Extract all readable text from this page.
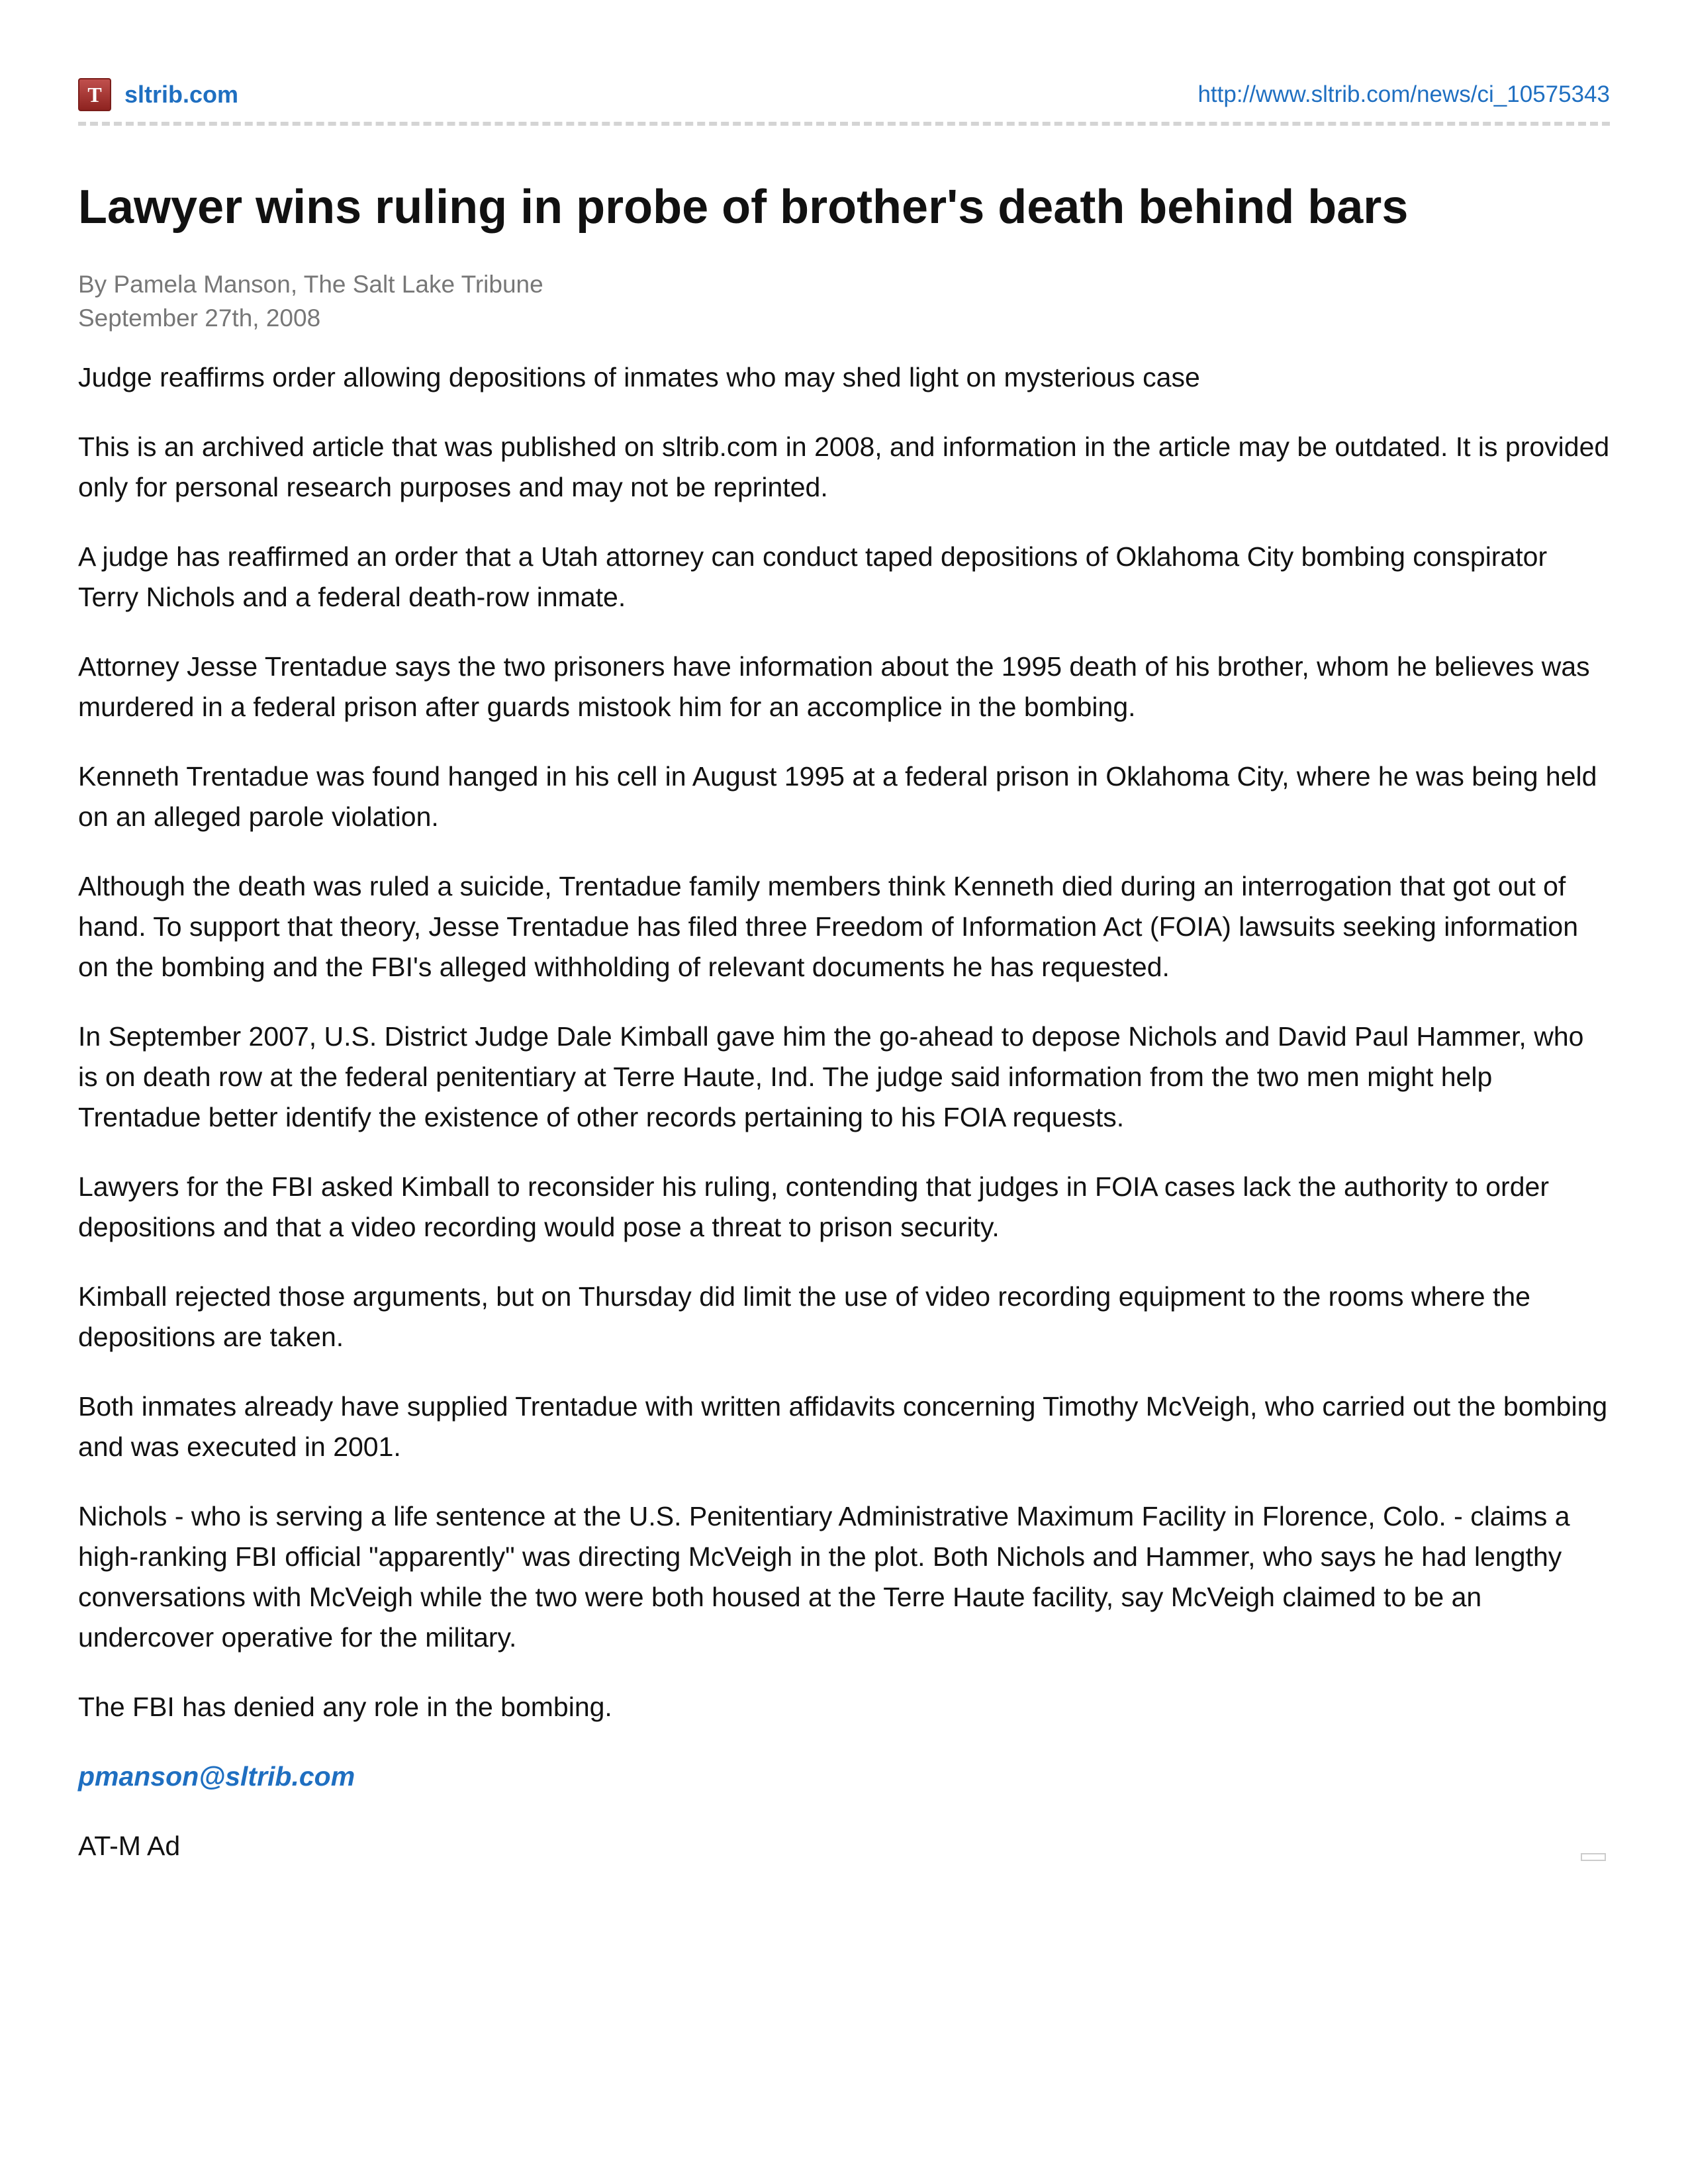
T sltrib.com	http://www.sltrib.com/news/ci_10575343
Lawyer wins ruling in probe of brother's death behind bars
By Pamela Manson, The Salt Lake Tribune
September 27th, 2008

Judge reaffirms order allowing depositions of inmates who may shed light on mysterious case

This is an archived article that was published on sltrib.com in 2008, and information in the article may be outdated. It is provided only for personal research purposes and may not be reprinted.

A judge has reaffirmed an order that a Utah attorney can conduct taped depositions of Oklahoma City bombing conspirator Terry Nichols and a federal death-row inmate.

Attorney Jesse Trentadue says the two prisoners have information about the 1995 death of his brother, whom he believes was murdered in a federal prison after guards mistook him for an accomplice in the bombing.

Kenneth Trentadue was found hanged in his cell in August 1995 at a federal prison in Oklahoma City, where he was being held on an alleged parole violation.

Although the death was ruled a suicide, Trentadue family members think Kenneth died during an interrogation that got out of hand. To support that theory, Jesse Trentadue has filed three Freedom of Information Act (FOIA) lawsuits seeking information on the bombing and the FBI's alleged withholding of relevant documents he has requested.

In September 2007, U.S. District Judge Dale Kimball gave him the go-ahead to depose Nichols and David Paul Hammer, who is on death row at the federal penitentiary at Terre Haute, Ind. The judge said information from the two men might help Trentadue better identify the existence of other records pertaining to his FOIA requests.

Lawyers for the FBI asked Kimball to reconsider his ruling, contending that judges in FOIA cases lack the authority to order depositions and that a video recording would pose a threat to prison security.

Kimball rejected those arguments, but on Thursday did limit the use of video recording equipment to the rooms where the depositions are taken.

Both inmates already have supplied Trentadue with written affidavits concerning Timothy McVeigh, who carried out the bombing and was executed in 2001.

Nichols - who is serving a life sentence at the U.S. Penitentiary Administrative Maximum Facility in Florence, Colo. - claims a high-ranking FBI official "apparently" was directing McVeigh in the plot. Both Nichols and Hammer, who says he had lengthy conversations with McVeigh while the two were both housed at the Terre Haute facility, say McVeigh claimed to be an undercover operative for the military.

The FBI has denied any role in the bombing.

pmanson@sltrib.com

AT-M Ad
